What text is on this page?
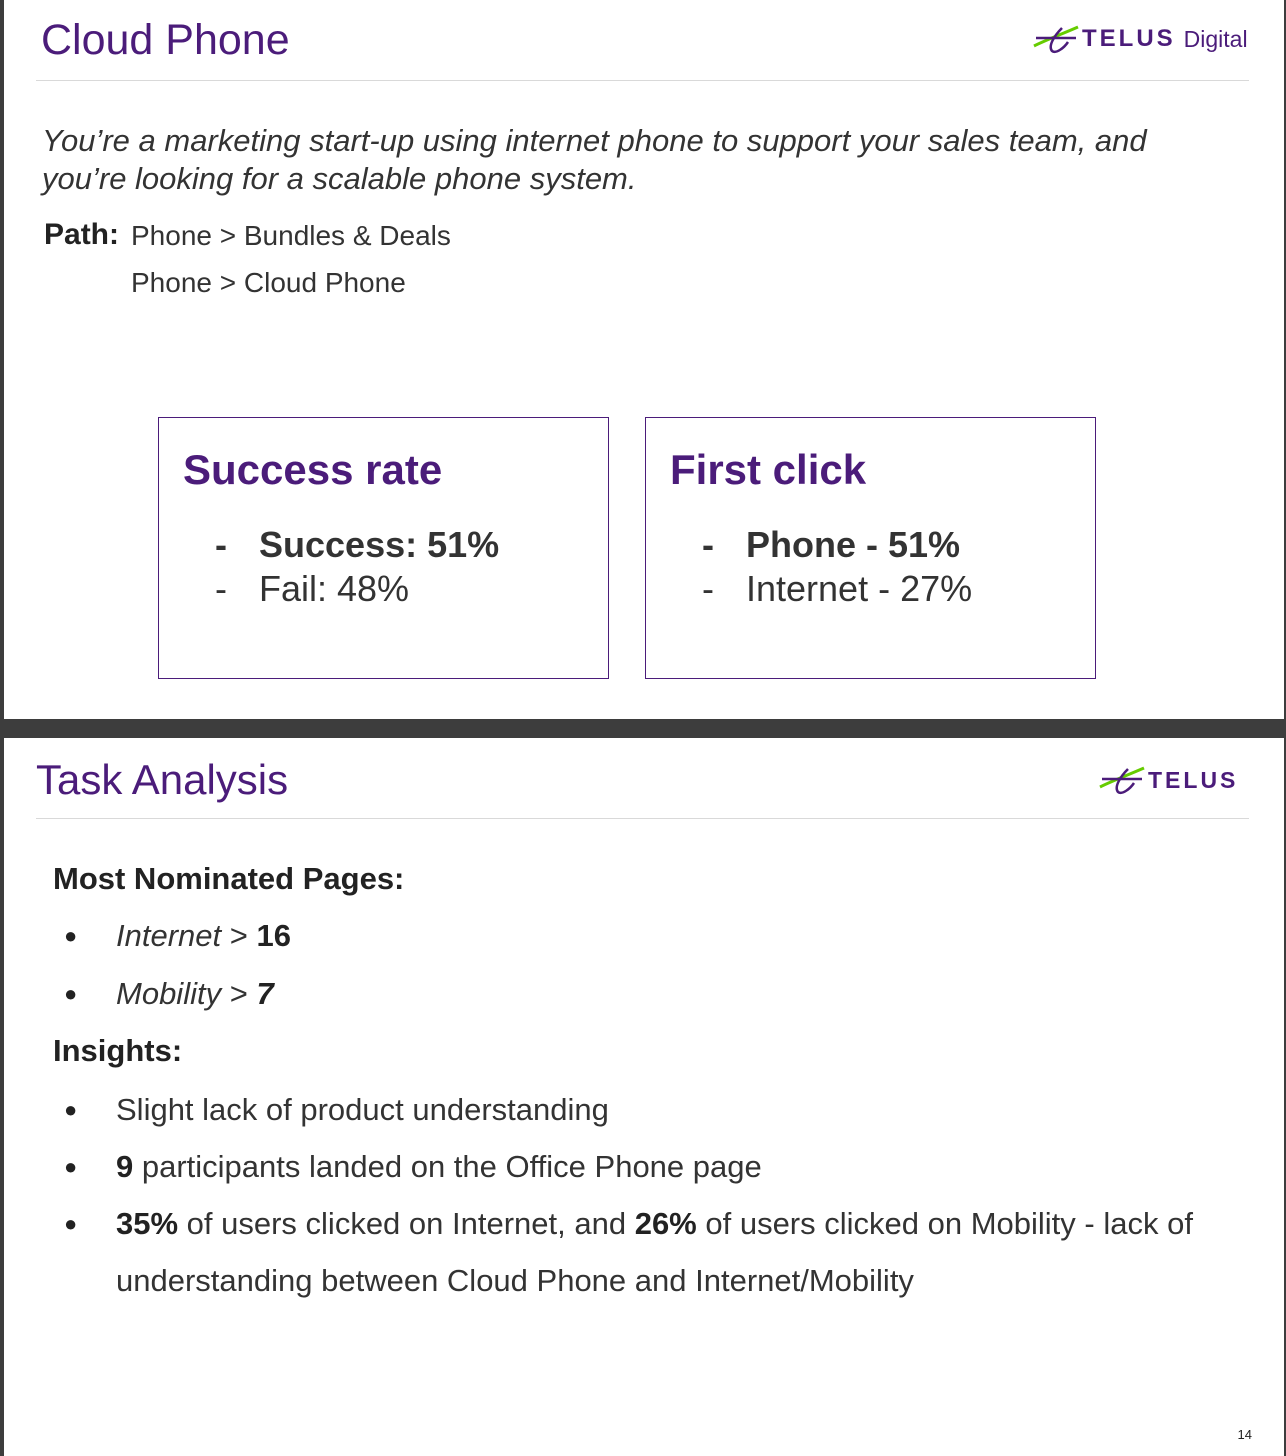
Cloud Phone	TELUS Digital

You’re a marketing start-up using internet phone to support your sales team, and you’re looking for a scalable phone system.

Path: Phone > Bundles & Deals
Phone > Cloud Phone
Success rate
- Success: 51%
- Fail: 48%
First click
- Phone - 51%
- Internet - 27%
Task Analysis	TELUS
Most Nominated Pages:
●	Internet > 16
●	Mobility > 7
Insights:
●	Slight lack of product understanding
●	9 participants landed on the Office Phone page
●	35% of users clicked on Internet, and 26% of users clicked on Mobility - lack of understanding between Cloud Phone and Internet/Mobility
14
